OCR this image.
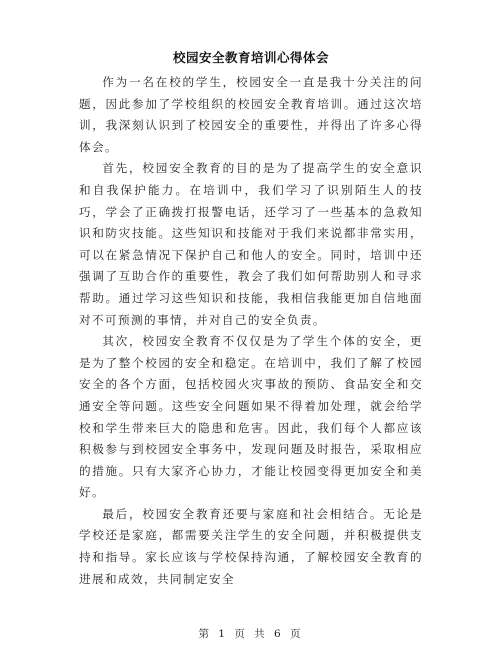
校园安全教育培训心得体会

作为一名在校的学生，校园安全一直是我十分关注的问题，因此参加了学校组织的校园安全教育培训。通过这次培训，我深刻认识到了校园安全的重要性，并得出了许多心得体会。

首先，校园安全教育的目的是为了提高学生的安全意识和自我保护能力。在培训中，我们学习了识别陌生人的技巧，学会了正确拨打报警电话，还学习了一些基本的急救知识和防灾技能。这些知识和技能对于我们来说都非常实用，可以在紧急情况下保护自己和他人的安全。同时，培训中还强调了互助合作的重要性，教会了我们如何帮助别人和寻求帮助。通过学习这些知识和技能，我相信我能更加自信地面对不可预测的事情，并对自己的安全负责。

其次，校园安全教育不仅仅是为了学生个体的安全，更是为了整个校园的安全和稳定。在培训中，我们了解了校园安全的各个方面，包括校园火灾事故的预防、食品安全和交通安全等问题。这些安全问题如果不得着加处理，就会给学校和学生带来巨大的隐患和危害。因此，我们每个人都应该积极参与到校园安全事务中，发现问题及时报告，采取相应的措施。只有大家齐心协力，才能让校园变得更加安全和美好。

最后，校园安全教育还要与家庭和社会相结合。无论是学校还是家庭，都需要关注学生的安全问题，并积极提供支持和指导。家长应该与学校保持沟通，了解校园安全教育的进展和成效，共同制定安全

第 1 页 共 6 页
